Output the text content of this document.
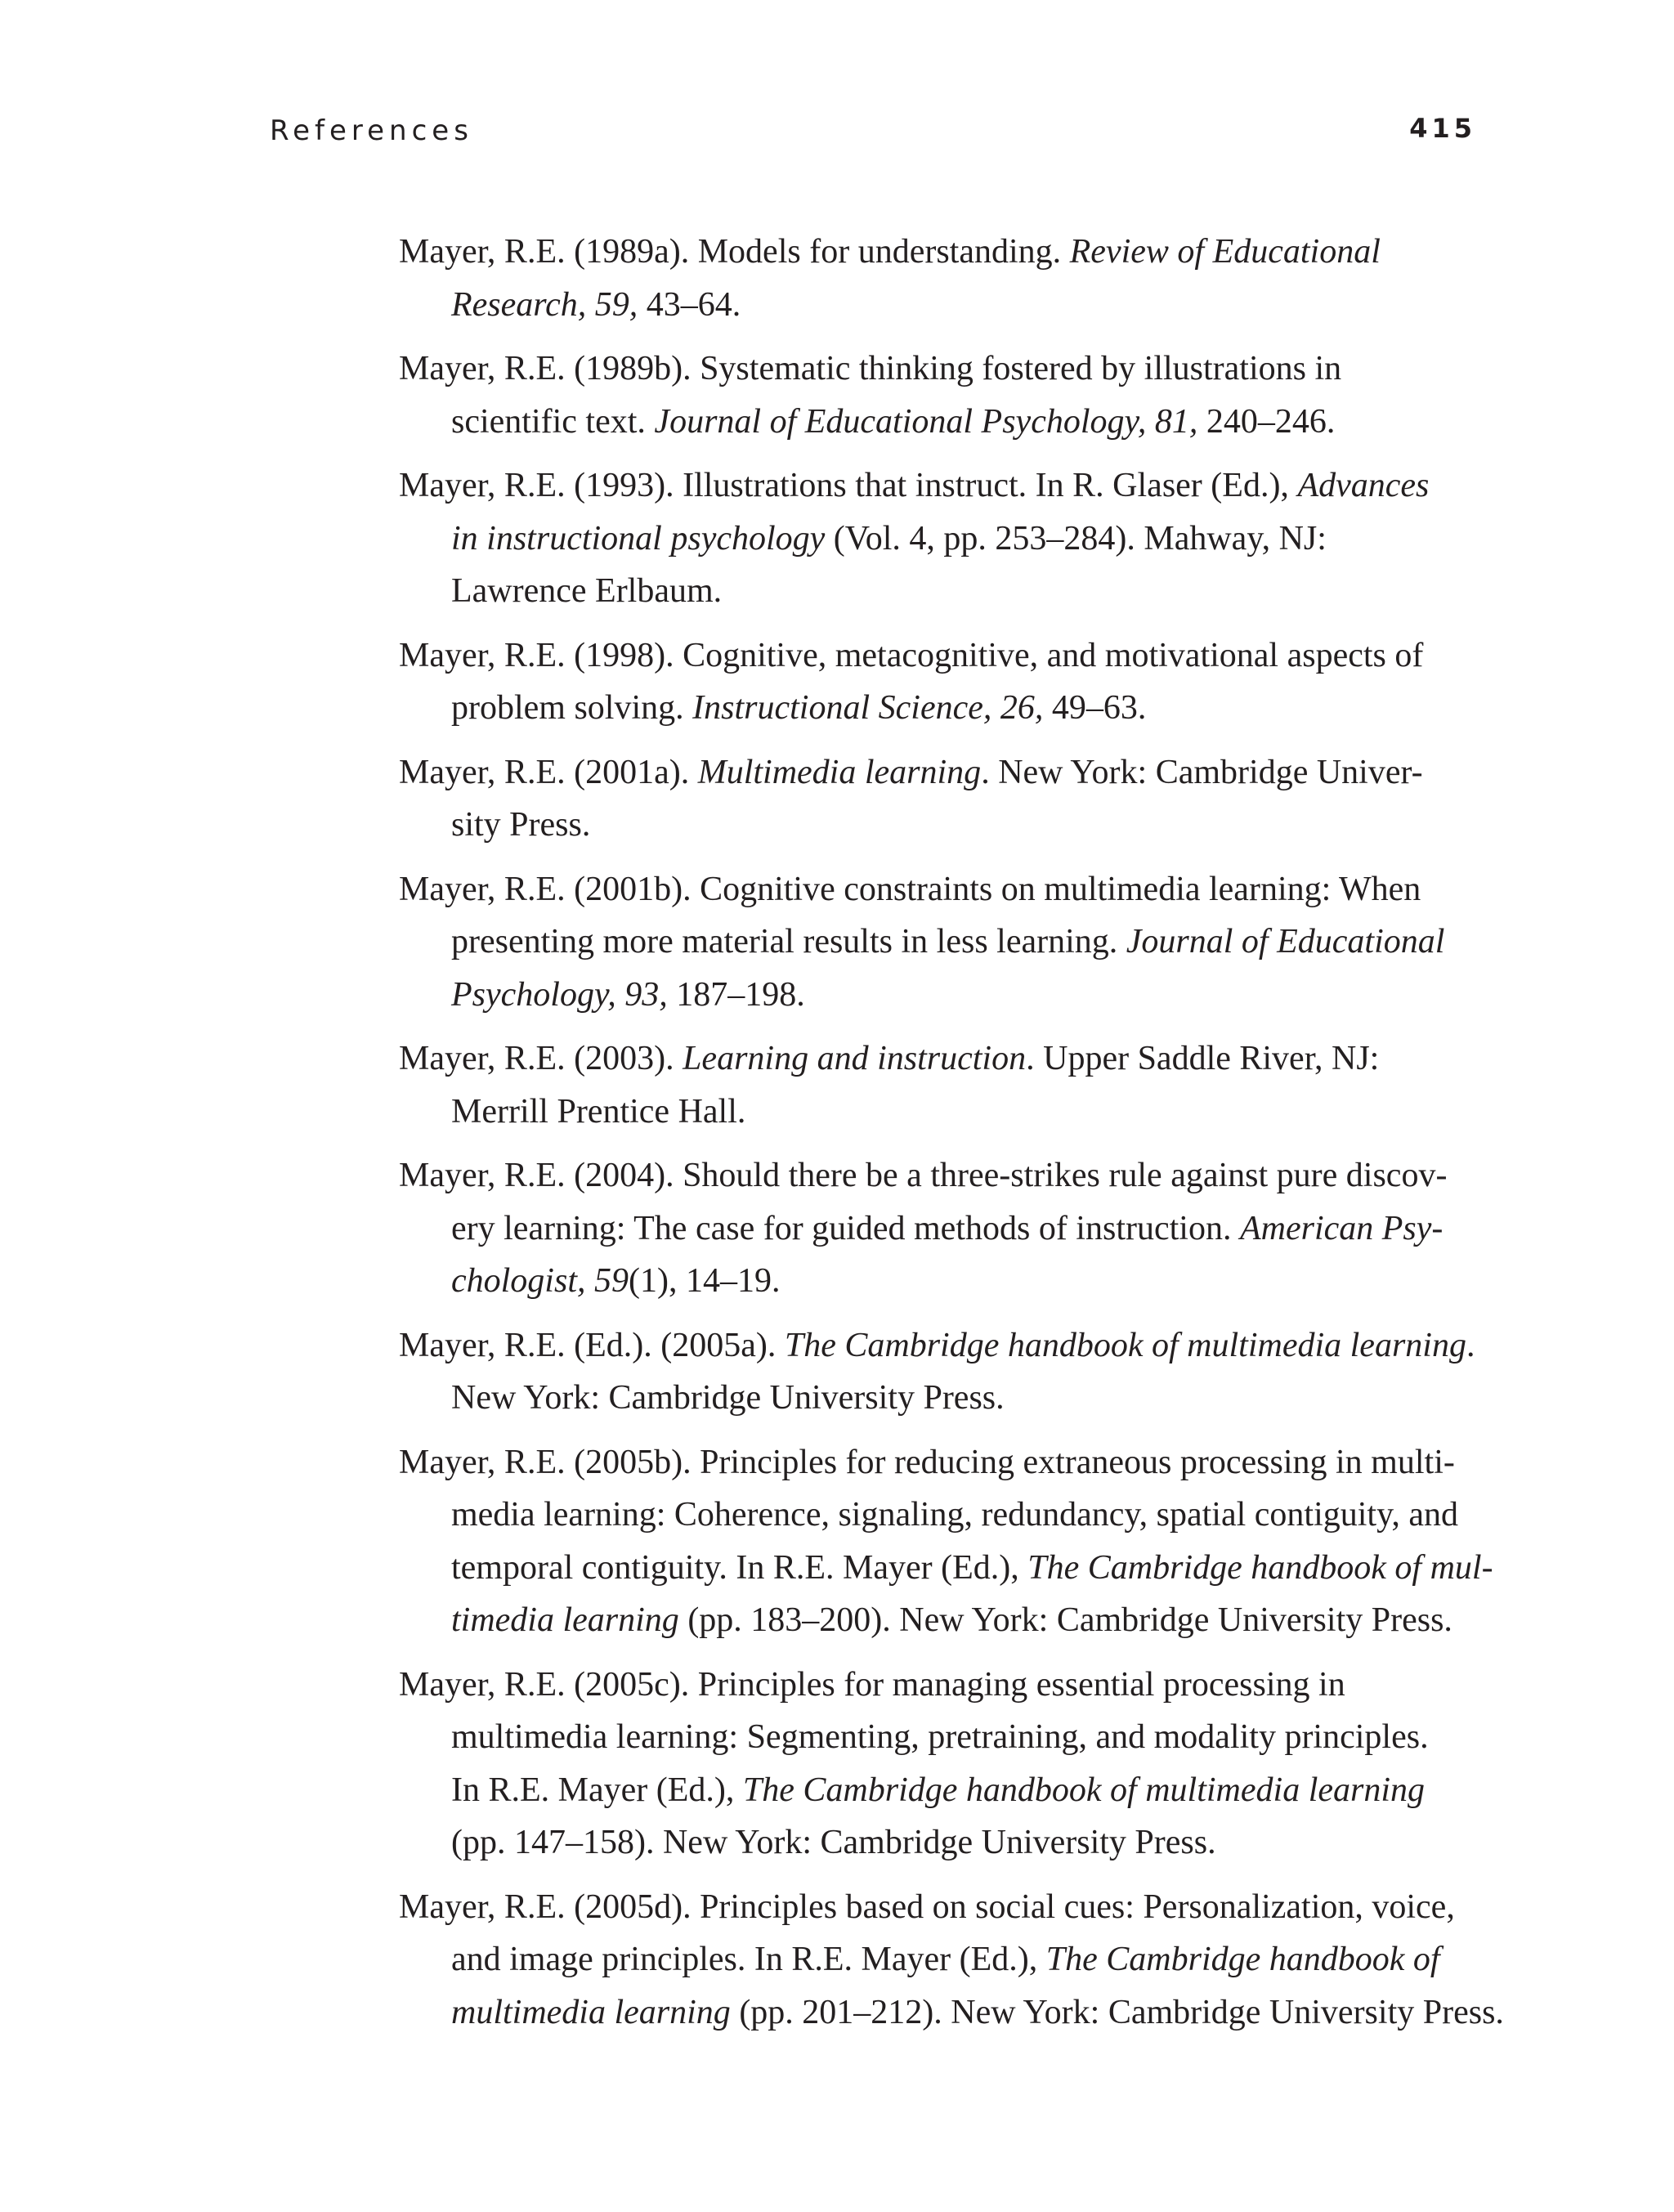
References	415
Mayer, R.E. (1989a). Models for understanding. Review of Educational
Research, 59, 43–64.
Mayer, R.E. (1989b). Systematic thinking fostered by illustrations in
scientific text. Journal of Educational Psychology, 81, 240–246.
Mayer, R.E. (1993). Illustrations that instruct. In R. Glaser (Ed.), Advances
in instructional psychology (Vol. 4, pp. 253–284). Mahway, NJ:
Lawrence Erlbaum.
Mayer, R.E. (1998). Cognitive, metacognitive, and motivational aspects of
problem solving. Instructional Science, 26, 49–63.
Mayer, R.E. (2001a). Multimedia learning. New York: Cambridge Univer-
sity Press.
Mayer, R.E. (2001b). Cognitive constraints on multimedia learning: When
presenting more material results in less learning. Journal of Educational
Psychology, 93, 187–198.
Mayer, R.E. (2003). Learning and instruction. Upper Saddle River, NJ:
Merrill Prentice Hall.
Mayer, R.E. (2004). Should there be a three-strikes rule against pure discov-
ery learning: The case for guided methods of instruction. American Psy-
chologist, 59(1), 14–19.
Mayer, R.E. (Ed.). (2005a). The Cambridge handbook of multimedia learning.
New York: Cambridge University Press.
Mayer, R.E. (2005b). Principles for reducing extraneous processing in multi-
media learning: Coherence, signaling, redundancy, spatial contiguity, and
temporal contiguity. In R.E. Mayer (Ed.), The Cambridge handbook of mul-
timedia learning (pp. 183–200). New York: Cambridge University Press.
Mayer, R.E. (2005c). Principles for managing essential processing in
multimedia learning: Segmenting, pretraining, and modality principles.
In R.E. Mayer (Ed.), The Cambridge handbook of multimedia learning
(pp. 147–158). New York: Cambridge University Press.
Mayer, R.E. (2005d). Principles based on social cues: Personalization, voice,
and image principles. In R.E. Mayer (Ed.), The Cambridge handbook of
multimedia learning (pp. 201–212). New York: Cambridge University Press.
